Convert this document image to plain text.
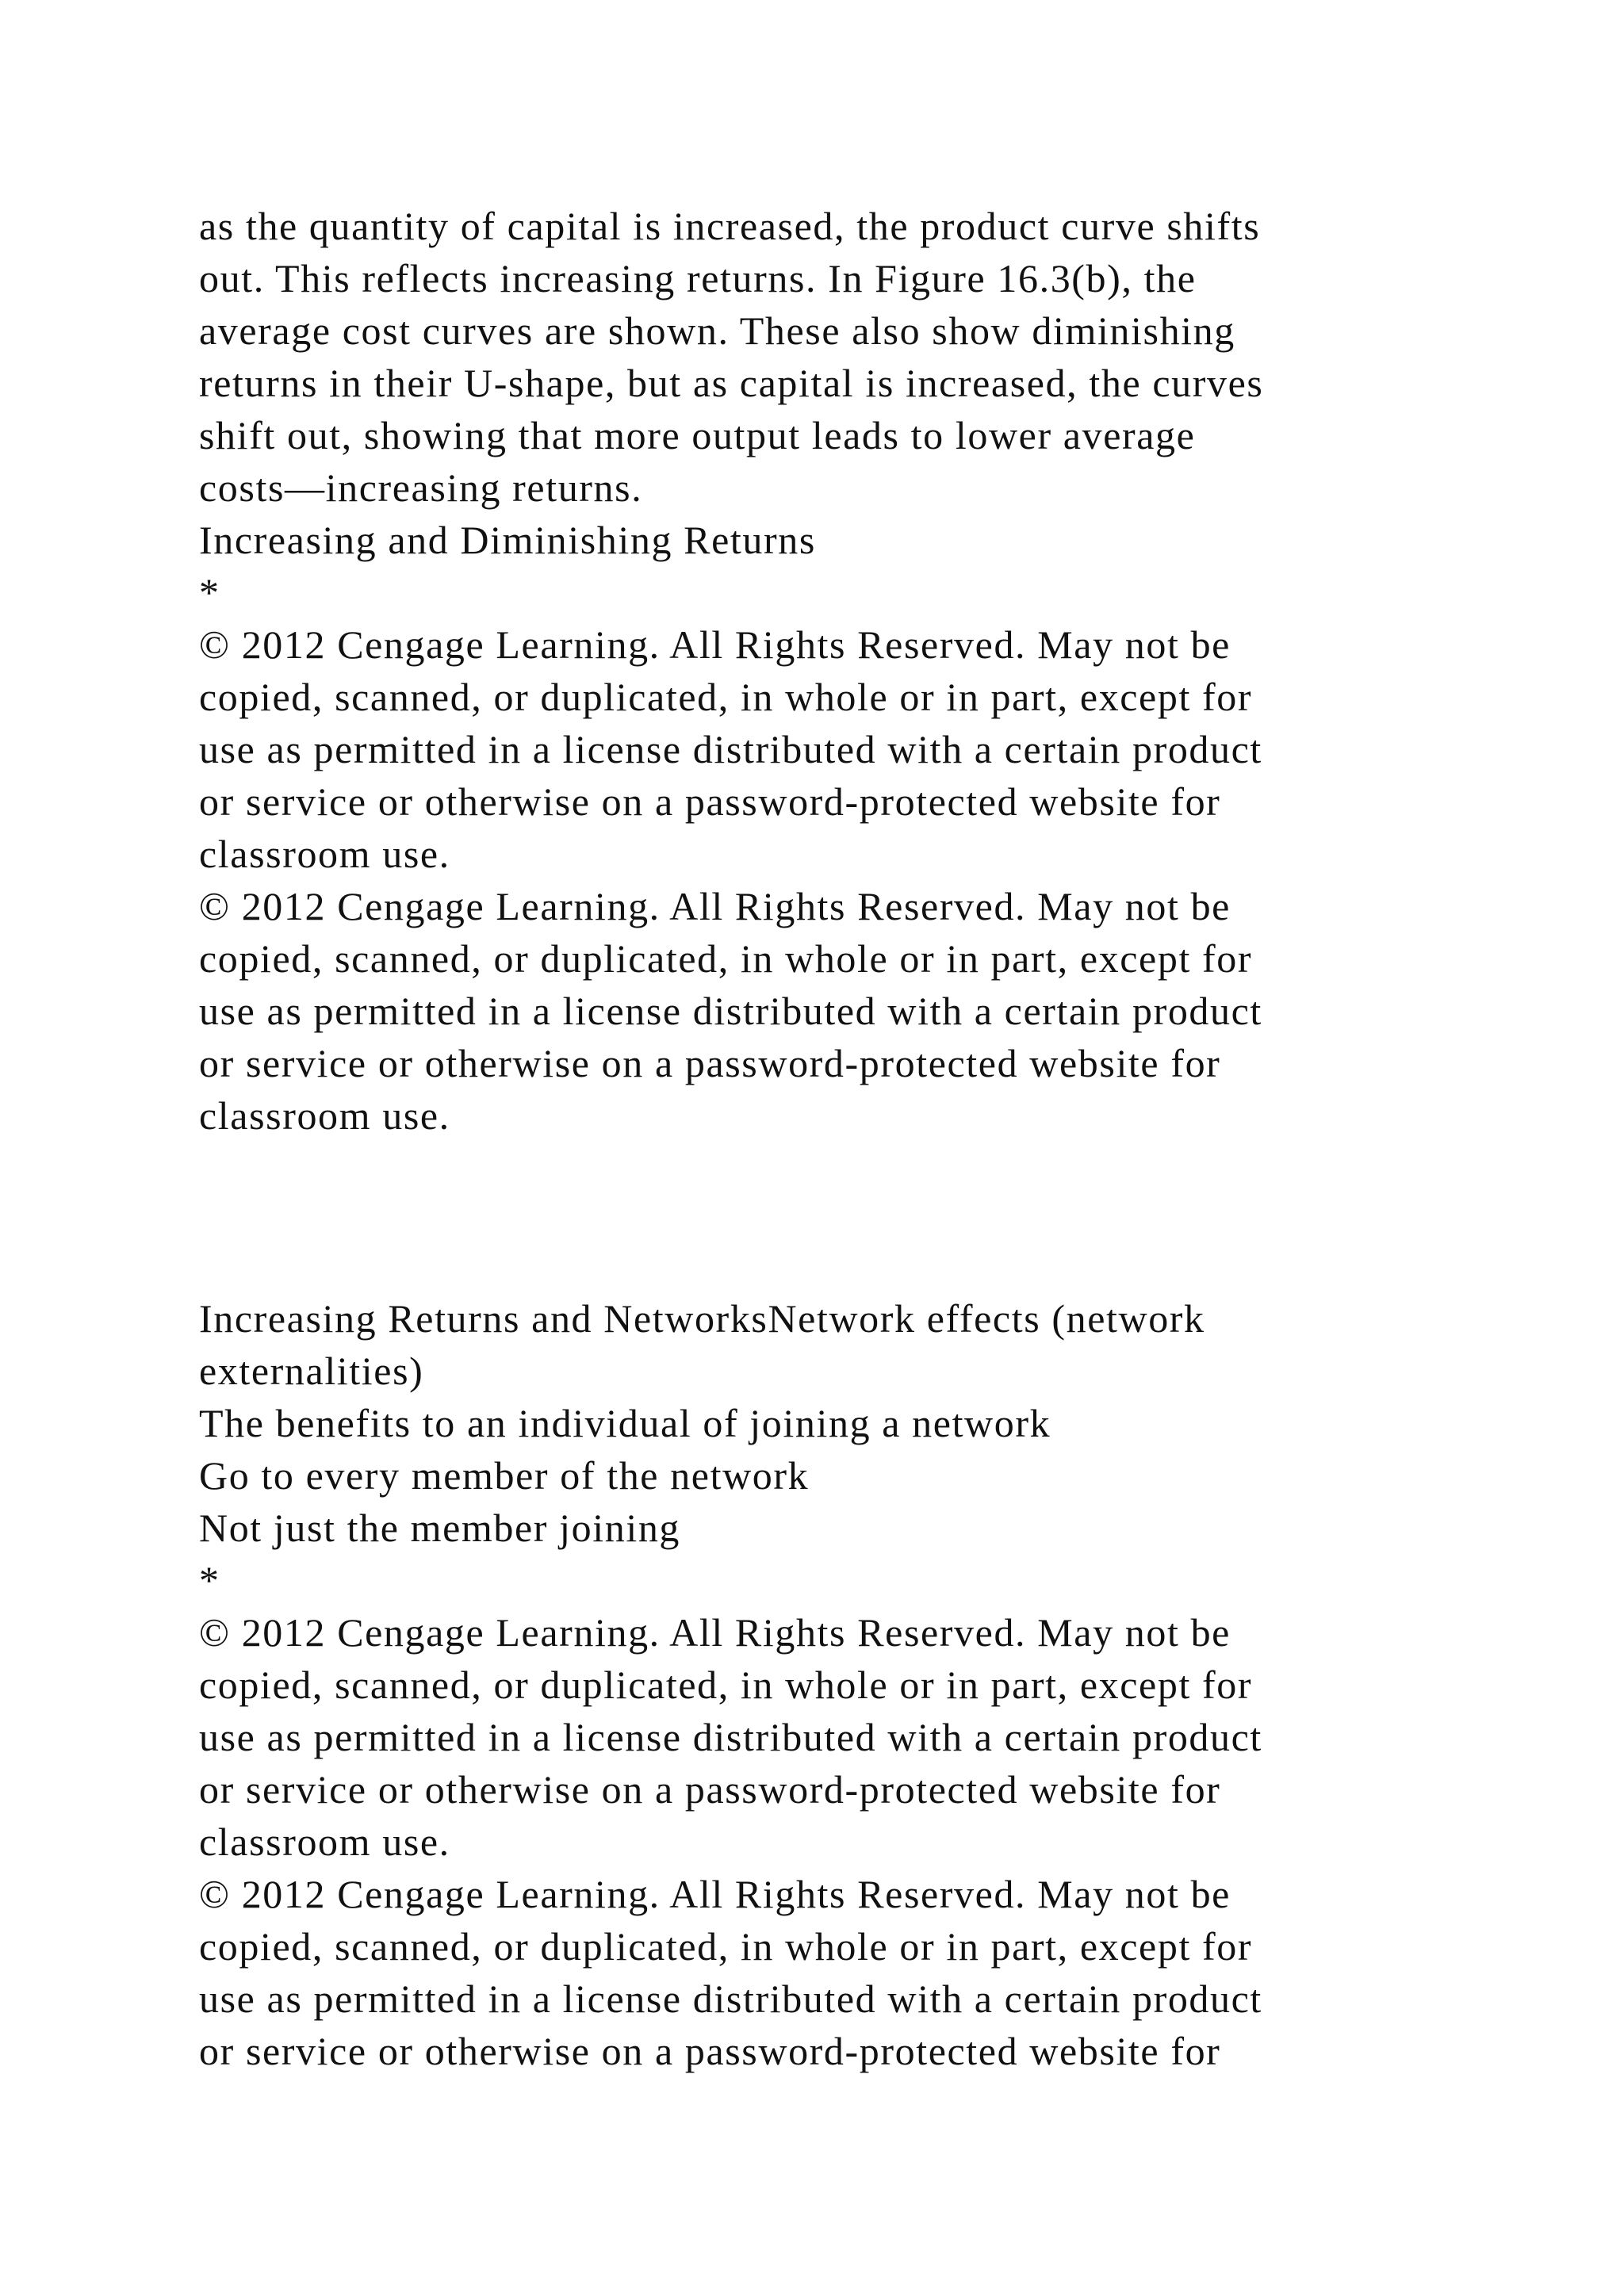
as the quantity of capital is increased, the product curve shifts
out. This reflects increasing returns. In Figure 16.3(b), the
average cost curves are shown. These also show diminishing
returns in their U-shape, but as capital is increased, the curves
shift out, showing that more output leads to lower average
costs—increasing returns.
Increasing and Diminishing Returns
*
© 2012 Cengage Learning. All Rights Reserved. May not be
copied, scanned, or duplicated, in whole or in part, except for
use as permitted in a license distributed with a certain product
or service or otherwise on a password-protected website for
classroom use.
© 2012 Cengage Learning. All Rights Reserved. May not be
copied, scanned, or duplicated, in whole or in part, except for
use as permitted in a license distributed with a certain product
or service or otherwise on a password-protected website for
classroom use.
Increasing Returns and NetworksNetwork effects (network
externalities)
The benefits to an individual of joining a network
Go to every member of the network
Not just the member joining
*
© 2012 Cengage Learning. All Rights Reserved. May not be
copied, scanned, or duplicated, in whole or in part, except for
use as permitted in a license distributed with a certain product
or service or otherwise on a password-protected website for
classroom use.
© 2012 Cengage Learning. All Rights Reserved. May not be
copied, scanned, or duplicated, in whole or in part, except for
use as permitted in a license distributed with a certain product
or service or otherwise on a password-protected website for
